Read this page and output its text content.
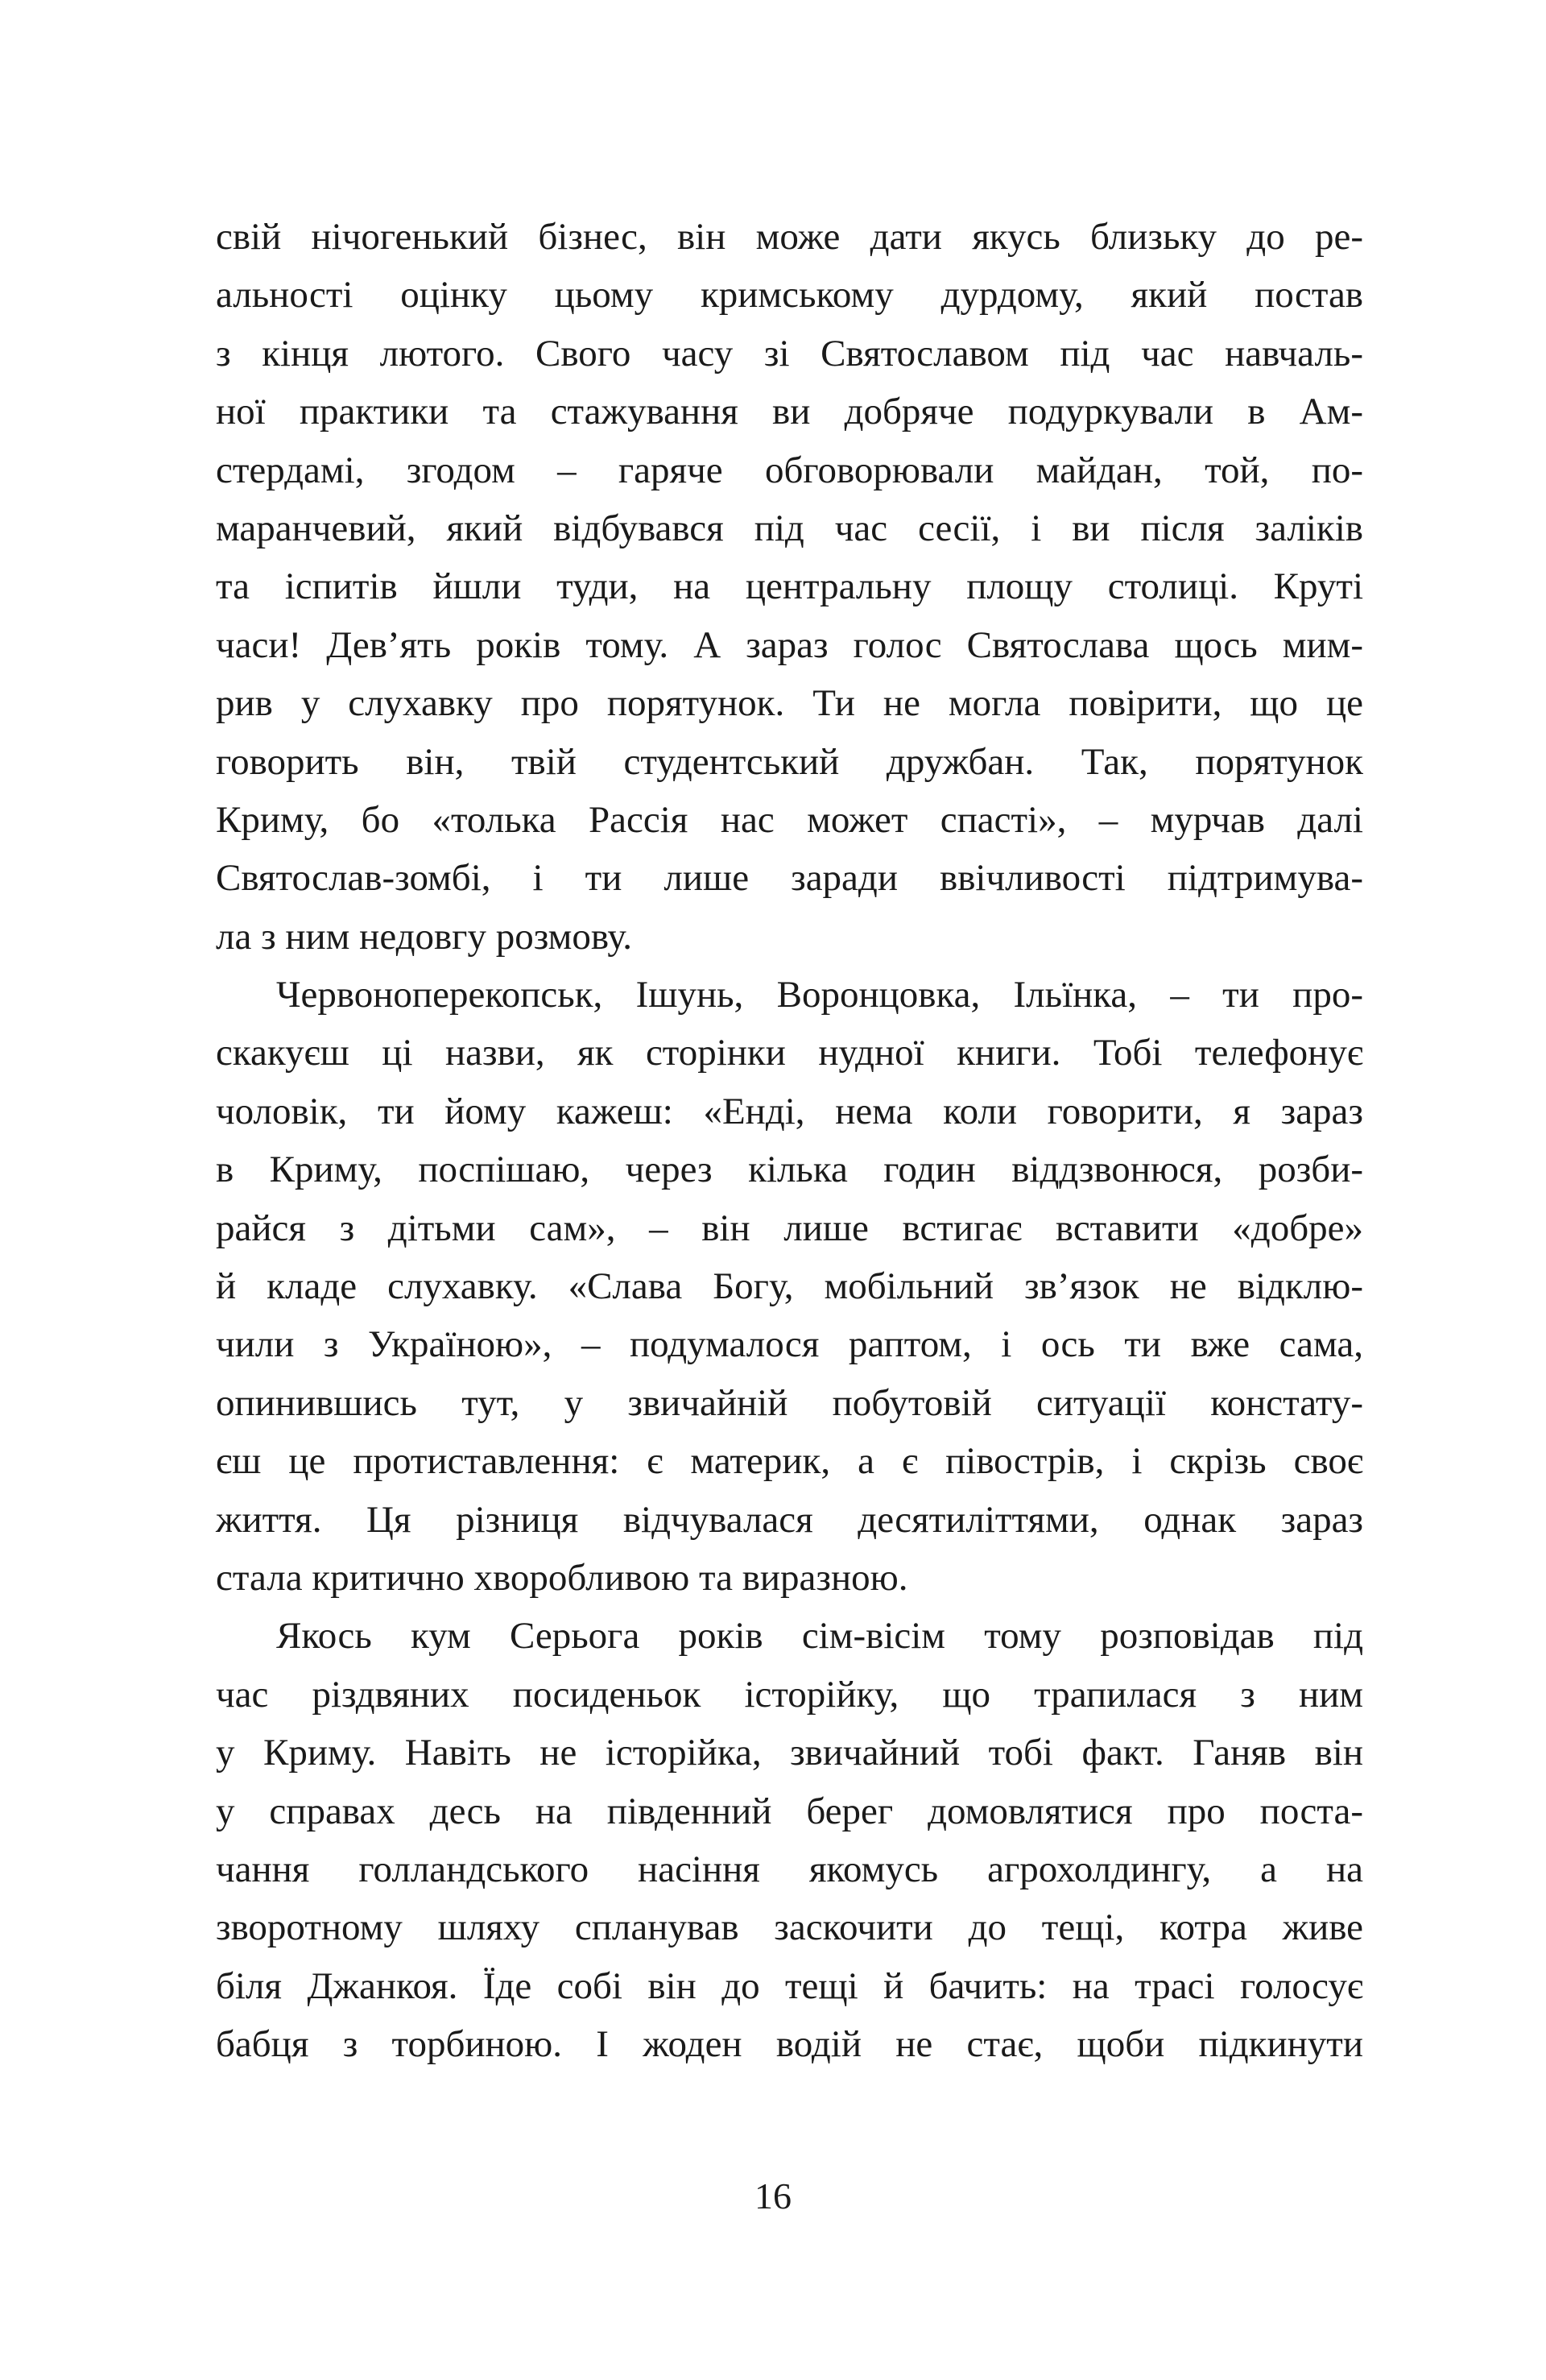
свій нічогенький бізнес, він може дати якусь близьку до ре-
альності оцінку цьому кримському дурдому, який постав
з кінця лютого. Свого часу зі Святославом під час навчаль-
ної практики та стажування ви добряче подуркували в Ам-
стердамі, згодом – гаряче обговорювали майдан, той, по-
маранчевий, який відбувався під час сесії, і ви після заліків
та іспитів йшли туди, на центральну площу столиці. Круті
часи! Дев’ять років тому. А зараз голос Святослава щось мим-
рив у слухавку про порятунок. Ти не могла повірити, що це
говорить він, твій студентський дружбан. Так, порятунок
Криму, бо «толька Рассія нас может спасті», – мурчав далі
Святослав-зомбі, і ти лише заради ввічливості підтримува-
ла з ним недовгу розмову.
Червоноперекопськ, Ішунь, Воронцовка, Ільїнка, – ти про-
скакуєш ці назви, як сторінки нудної книги. Тобі телефонує
чоловік, ти йому кажеш: «Енді, нема коли говорити, я зараз
в Криму, поспішаю, через кілька годин віддзвонюся, розби-
райся з дітьми сам», – він лише встигає вставити «добре»
й кладе слухавку. «Слава Богу, мобільний зв’язок не відклю-
чили з Україною», – подумалося раптом, і ось ти вже сама,
опинившись тут, у звичайній побутовій ситуації констату-
єш це протиставлення: є материк, а є півострів, і скрізь своє
життя. Ця різниця відчувалася десятиліттями, однак зараз
стала критично хворобливою та виразною.
Якось кум Серьога років сім-вісім тому розповідав під
час різдвяних посиденьок історійку, що трапилася з ним
у Криму. Навіть не історійка, звичайний тобі факт. Ганяв він
у справах десь на південний берег домовлятися про поста-
чання голландського насіння якомусь агрохолдингу, а на
зворотному шляху спланував заскочити до тещі, котра живе
біля Джанкоя. Їде собі він до тещі й бачить: на трасі голосує
бабця з торбиною. І жоден водій не стає, щоби підкинути
16
